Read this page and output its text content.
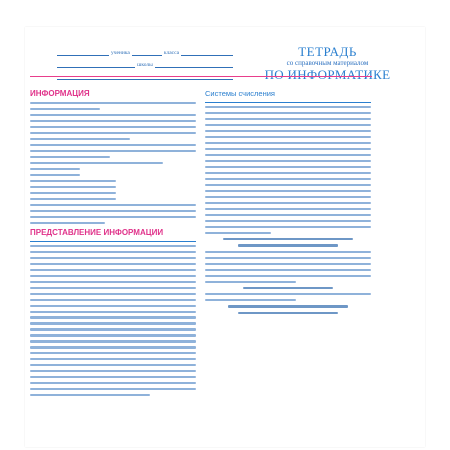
ученика	класса
школы
ТЕТРАДЬ
со справочным материалом
ПО ИНФОРМАТИКЕ
ИНФОРМАЦИЯ
ПРЕДСТАВЛЕНИЕ ИНФОРМАЦИИ
Системы счисления
